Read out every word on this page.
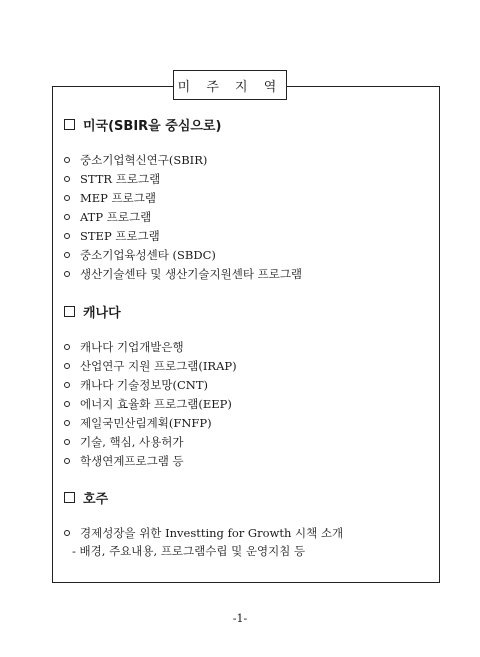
미 주 지 역
미국(SBIR을 중심으로)
중소기업혁신연구(SBIR)
STTR 프로그램
MEP 프로그램
ATP 프로그램
STEP 프로그램
중소기업육성센타 (SBDC)
생산기술센타 및 생산기술지원센타 프로그램
캐나다
캐나다 기업개발은행
산업연구 지원 프로그램(IRAP)
캐나다 기술정보망(CNT)
에너지 효율화 프로그램(EEP)
제일국민산림계획(FNFP)
기술, 핵심, 사용허가
학생연계프로그램 등
호주
경제성장을 위한 Investting for Growth 시책 소개
- 배경, 주요내용, 프로그램수립 및 운영지침 등
-1-
